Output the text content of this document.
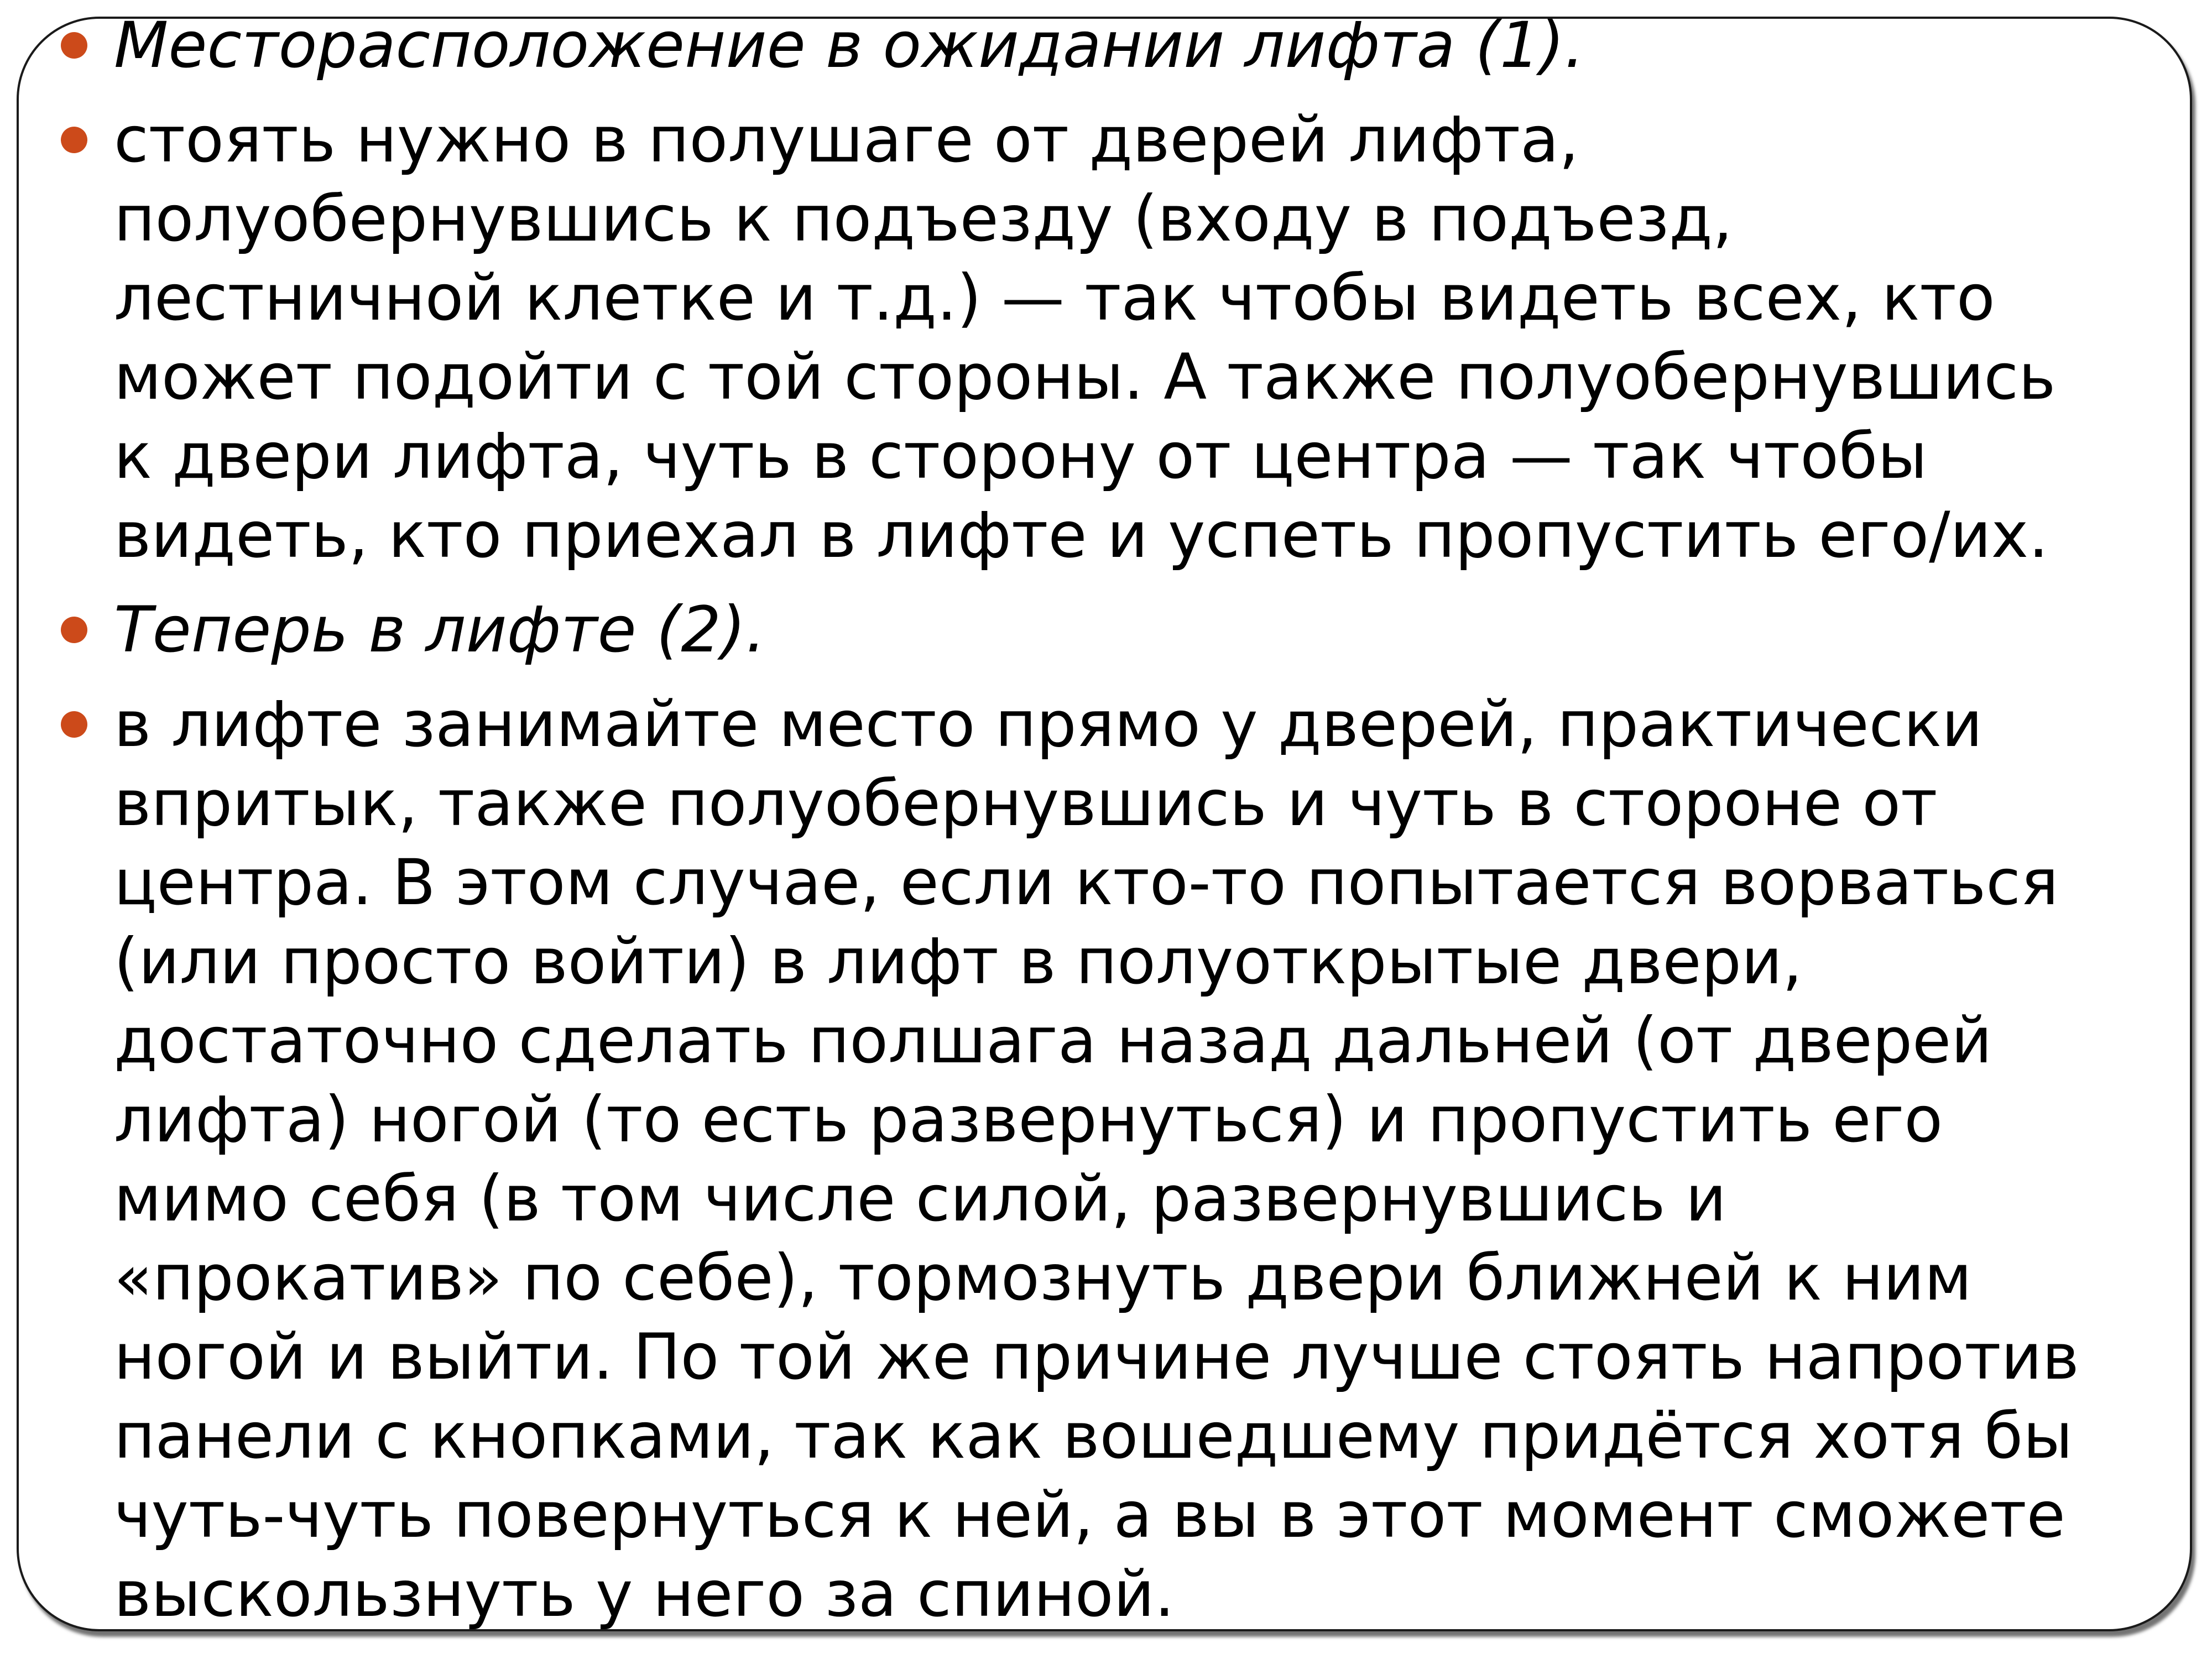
Месторасположение в ожидании лифта (1).
стоять нужно в полушаге от дверей лифта,
полуобернувшись к подъезду (входу в подъезд,
лестничной клетке и т.д.) — так чтобы видеть всех, кто
может подойти с той стороны. А также полуобернувшись
к двери лифта, чуть в сторону от центра — так чтобы
видеть, кто приехал в лифте и успеть пропустить его/их.
Теперь в лифте (2).
в лифте занимайте место прямо у дверей, практически
впритык, также полуобернувшись и чуть в стороне от
центра. В этом случае, если кто-то попытается ворваться
(или просто войти) в лифт в полуоткрытые двери,
достаточно сделать полшага назад дальней (от дверей
лифта) ногой (то есть развернуться) и пропустить его
мимо себя (в том числе силой, развернувшись и
«прокатив» по себе), тормознуть двери ближней к ним
ногой и выйти. По той же причине лучше стоять напротив
панели с кнопками, так как вошедшему придётся хотя бы
чуть-чуть повернуться к ней, а вы в этот момент сможете
выскользнуть у него за спиной.
